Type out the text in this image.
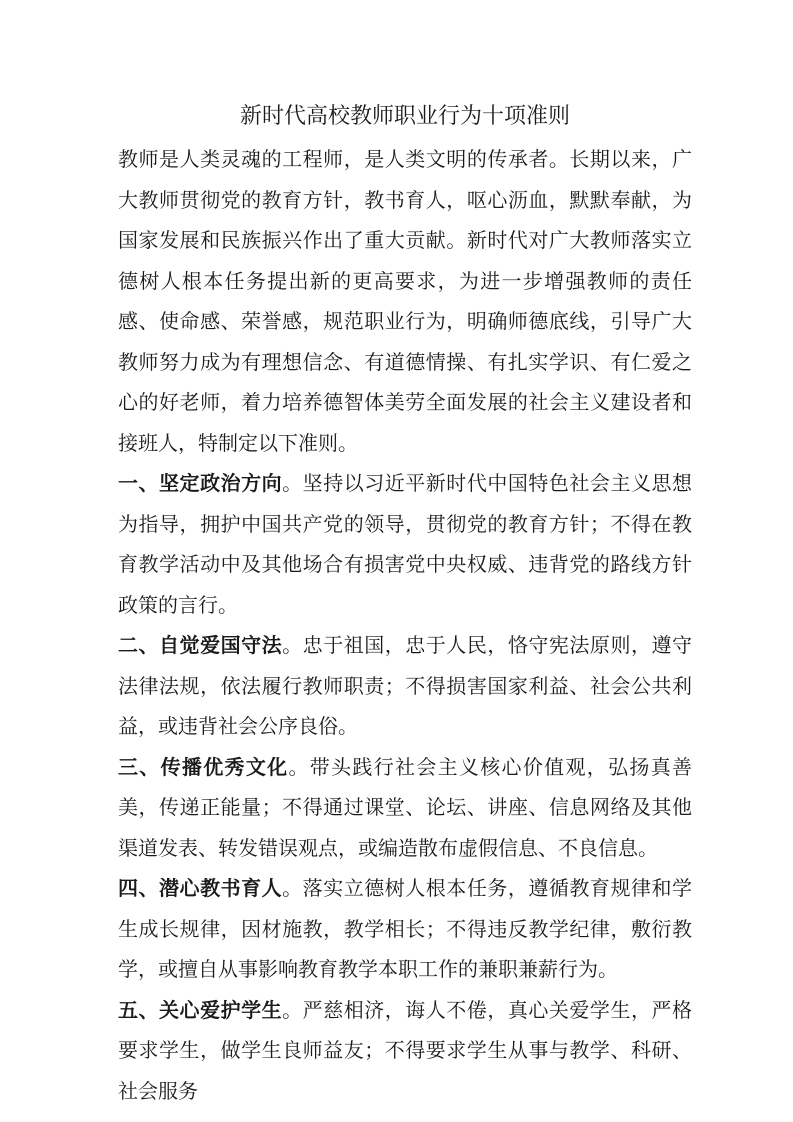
新时代高校教师职业行为十项准则

教师是人类灵魂的工程师，是人类文明的传承者。长期以来，广大教师贯彻党的教育方针，教书育人，呕心沥血，默默奉献，为国家发展和民族振兴作出了重大贡献。新时代对广大教师落实立德树人根本任务提出新的更高要求，为进一步增强教师的责任感、使命感、荣誉感，规范职业行为，明确师德底线，引导广大教师努力成为有理想信念、有道德情操、有扎实学识、有仁爱之心的好老师，着力培养德智体美劳全面发展的社会主义建设者和接班人，特制定以下准则。

一、坚定政治方向。坚持以习近平新时代中国特色社会主义思想为指导，拥护中国共产党的领导，贯彻党的教育方针；不得在教育教学活动中及其他场合有损害党中央权威、违背党的路线方针政策的言行。

二、自觉爱国守法。忠于祖国，忠于人民，恪守宪法原则，遵守法律法规，依法履行教师职责；不得损害国家利益、社会公共利益，或违背社会公序良俗。

三、传播优秀文化。带头践行社会主义核心价值观，弘扬真善美，传递正能量；不得通过课堂、论坛、讲座、信息网络及其他渠道发表、转发错误观点，或编造散布虚假信息、不良信息。

四、潜心教书育人。落实立德树人根本任务，遵循教育规律和学生成长规律，因材施教，教学相长；不得违反教学纪律，敷衍教学，或擅自从事影响教育教学本职工作的兼职兼薪行为。

五、关心爱护学生。严慈相济，诲人不倦，真心关爱学生，严格要求学生，做学生良师益友；不得要求学生从事与教学、科研、社会服务
